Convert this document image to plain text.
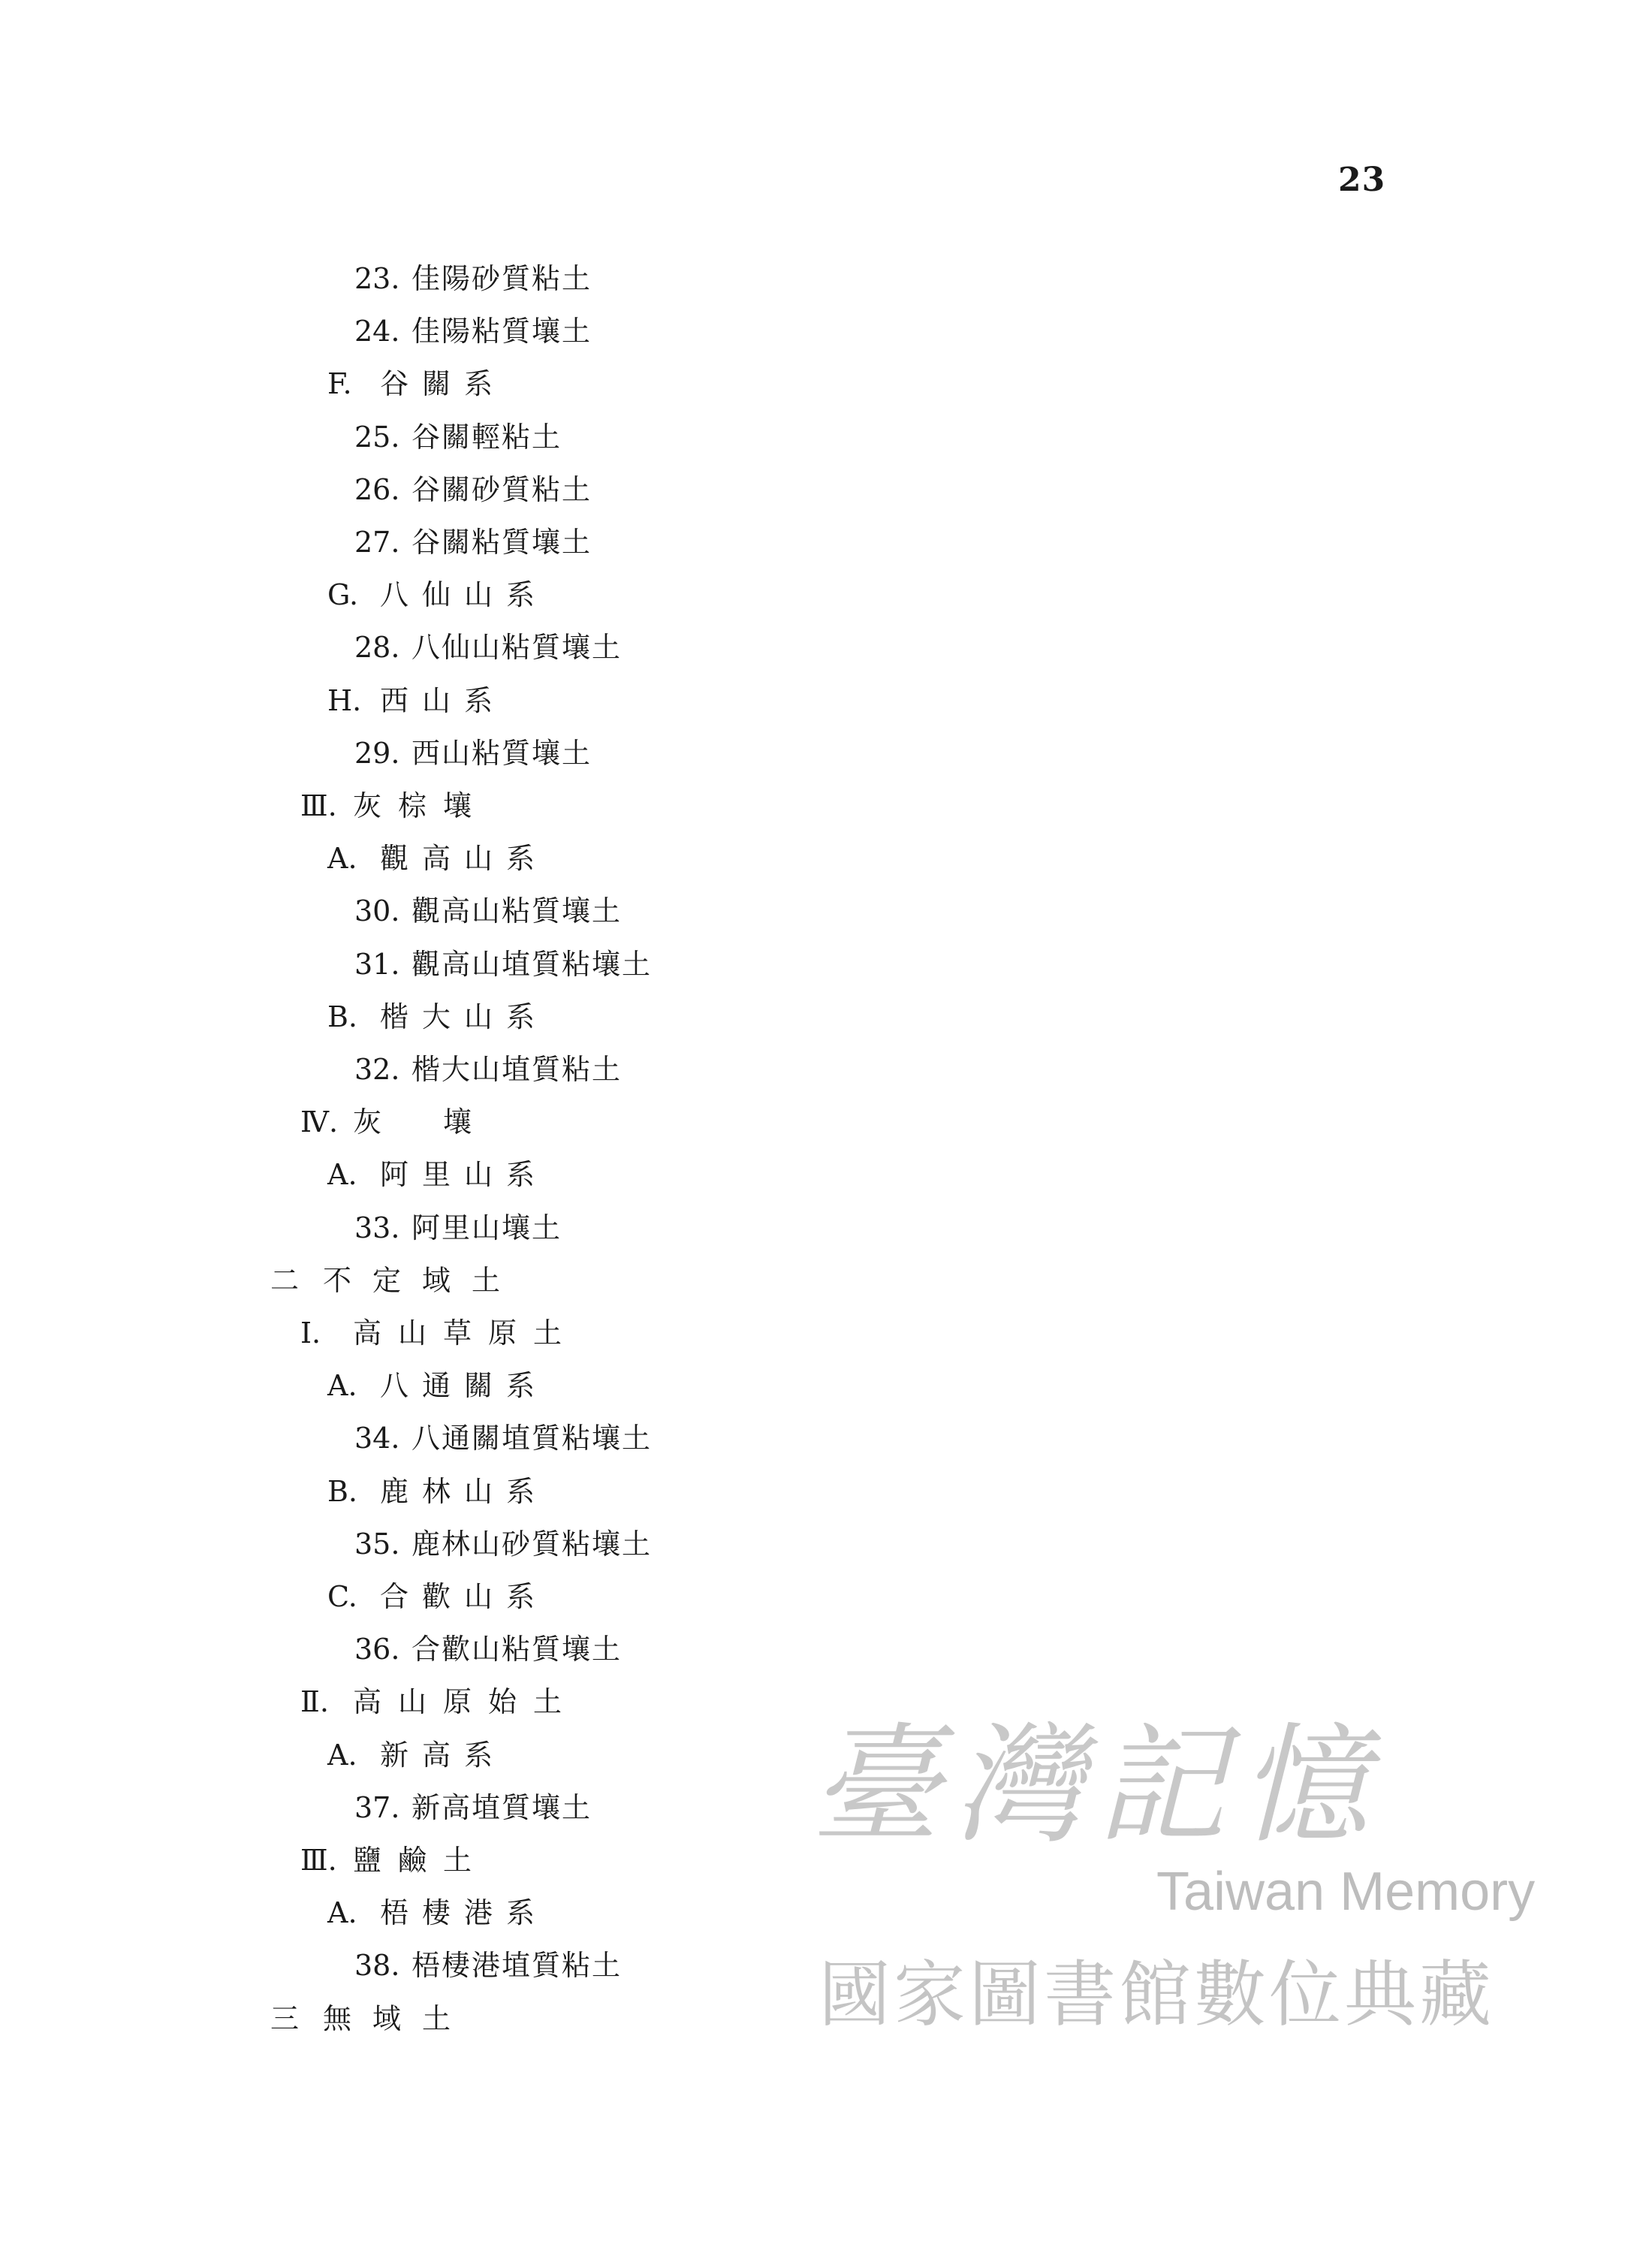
23
23. 佳陽砂質粘土
24. 佳陽粘質壤土
F. 谷關系
25. 谷關輕粘土
26. 谷關砂質粘土
27. 谷關粘質壤土
G. 八仙山系
28. 八仙山粘質壤土
H. 西山系
29. 西山粘質壤土
Ⅲ. 灰棕壤
A. 觀高山系
30. 觀高山粘質壤土
31. 觀高山埴質粘壤土
B. 楷大山系
32. 楷大山埴質粘土
Ⅳ. 灰　壤
A. 阿里山系
33. 阿里山壤土
二 不定域土
Ⅰ. 高山草原土
A. 八通關系
34. 八通關埴質粘壤土
B. 鹿林山系
35. 鹿林山砂質粘壤土
C. 合歡山系
36. 合歡山粘質壤土
Ⅱ. 高山原始土
A. 新高系
37. 新高埴質壤土
Ⅲ. 鹽鹼土
A. 梧棲港系
38. 梧棲港埴質粘土
三 無域土
臺灣記憶
Taiwan Memory
國家圖書館數位典藏
